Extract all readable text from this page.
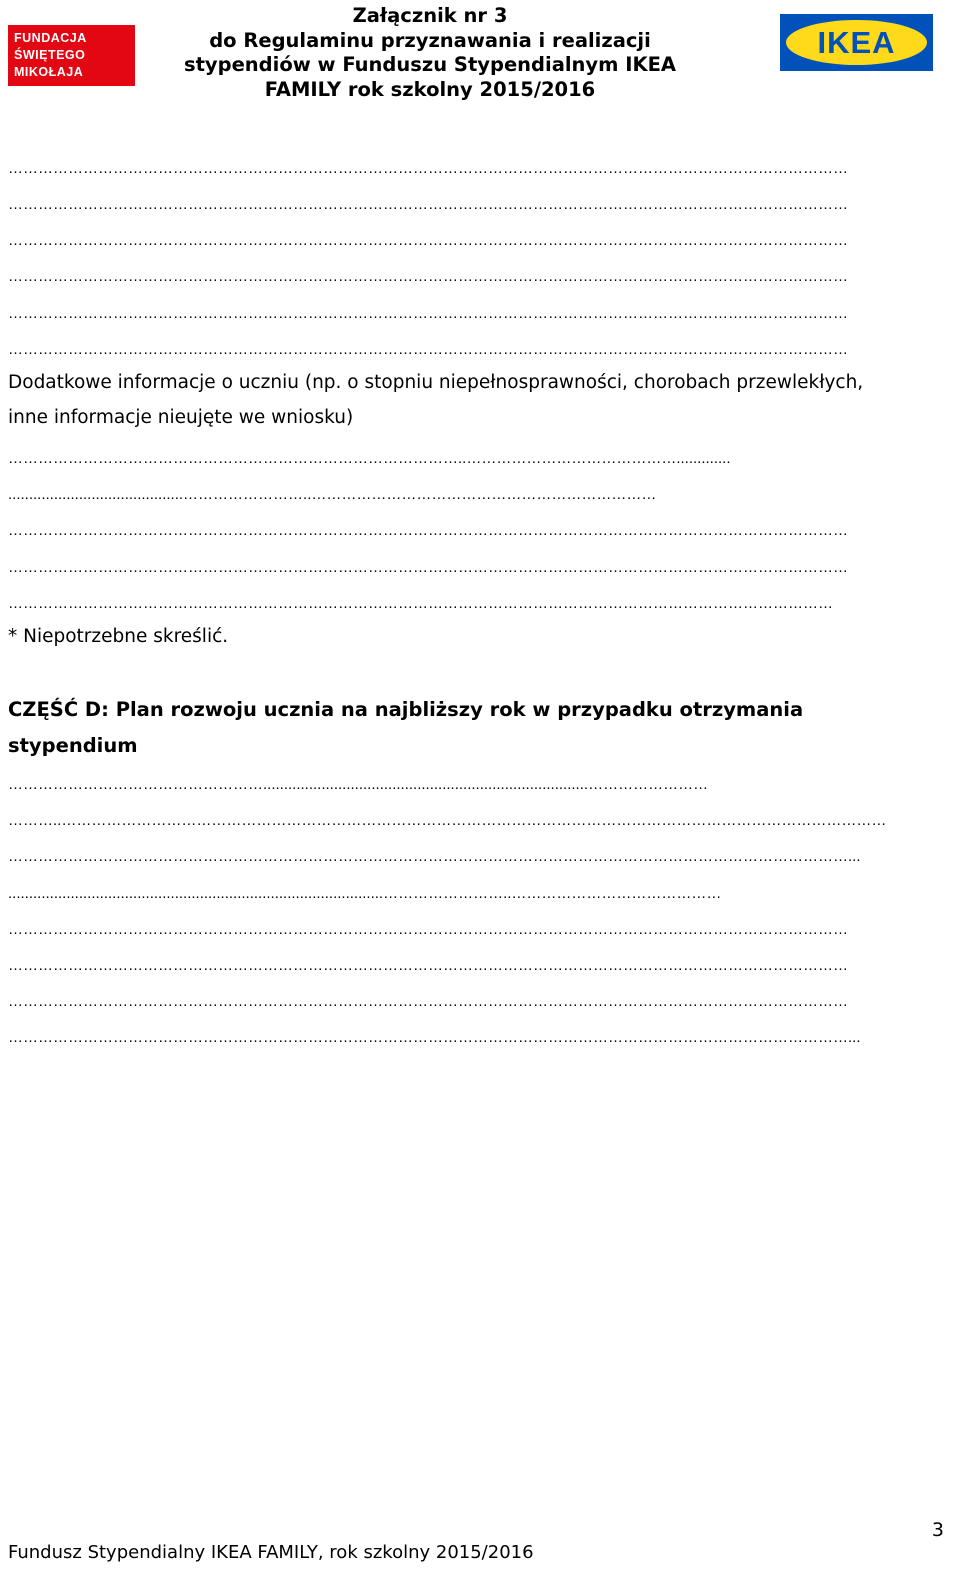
FUNDACJA
ŚWIĘTEGO
MIKOŁAJA
IKEA
Załącznik nr 3
do Regulaminu przyznawania i realizacji
stypendiów w Funduszu Stypendialnym IKEA
FAMILY rok szkolny 2015/2016
……………………………………………………………………………………………………………………………………………………
……………………………………………………………………………………………………………………………………………………
……………………………………………………………………………………………………………………………………………………
……………………………………………………………………………………………………………………………………………………
……………………………………………………………………………………………………………………………………………………
……………………………………………………………………………………………………………………………………………………
Dodatkowe informacje o uczniu (np. o stopniu niepełnosprawności, chorobach przewlekłych,
inne informacje nieujęte we wniosku)
………………………………………………………………………………..…………………………………….............
..........................................……………………..……………………………………………………………
……………………………………………………………………………………………………………………………………………………
……………………………………………………………………………………………………………………………………………………
…………………………………………………………………………………………………………………………………………………
* Niepotrzebne skreślić.
CZĘŚĆ D: Plan rozwoju ucznia na najbliższy rok w przypadku otrzymania
stypendium
……………………………………………..............................................................................……………………
………..…………………………………………………………………………………………………………………………………………………
……………………………………………………………………………………………………………………………………………………...
..........................................................................................……………………..……………………………………
……………………………………………………………………………………………………………………………………………………
……………………………………………………………………………………………………………………………………………………
……………………………………………………………………………………………………………………………………………………
……………………………………………………………………………………………………………………………………………………...
3
Fundusz Stypendialny IKEA FAMILY, rok szkolny 2015/2016
